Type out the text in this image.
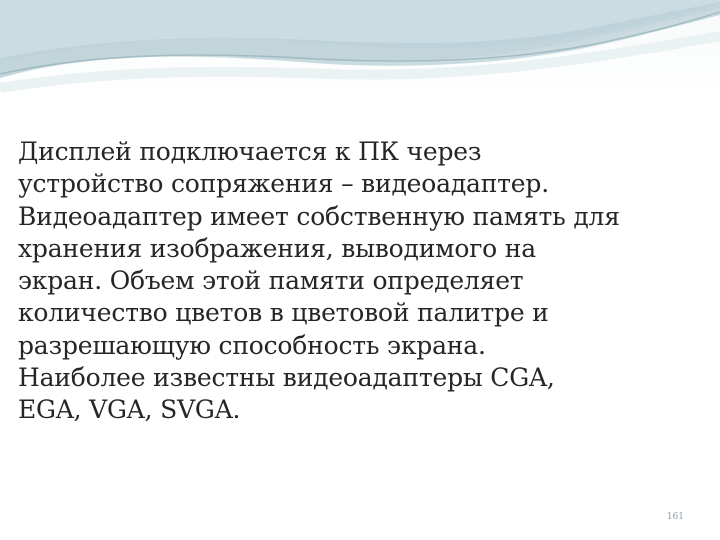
Дисплей подключается к ПК через
устройство сопряжения – видеоадаптер.
Видеоадаптер имеет собственную память для
хранения изображения, выводимого на
экран. Объем этой памяти определяет
количество цветов в цветовой палитре и
разрешающую способность экрана.
Наиболее известны видеоадаптеры CGA,
EGA, VGA, SVGA.
161
